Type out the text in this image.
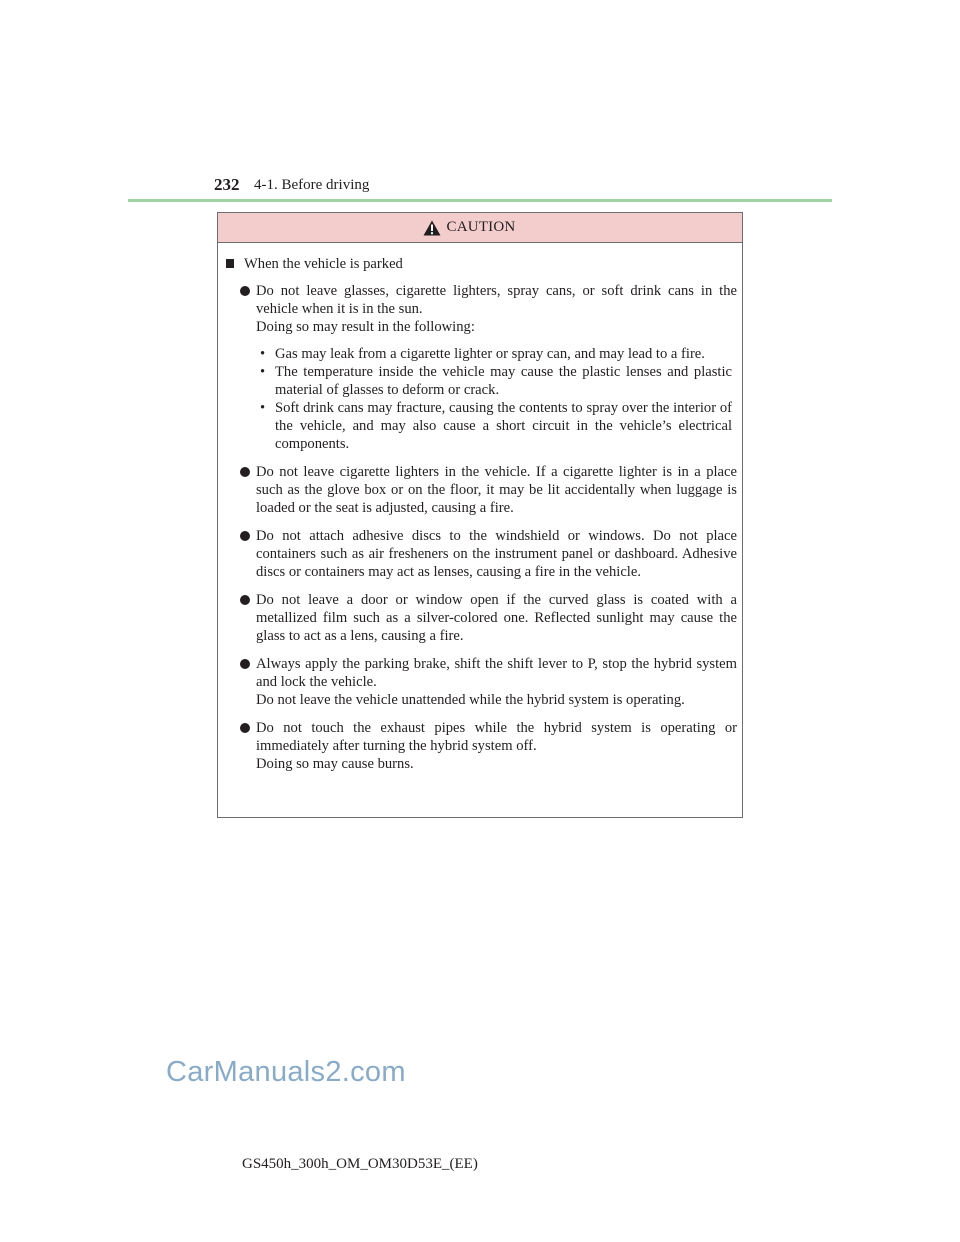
232 4-1. Before driving
CAUTION
When the vehicle is parked

Do not leave glasses, cigarette lighters, spray cans, or soft drink cans in the vehicle when it is in the sun.

Doing so may result in the following:

• Gas may leak from a cigarette lighter or spray can, and may lead to a fire.
• The temperature inside the vehicle may cause the plastic lenses and plastic material of glasses to deform or crack.
• Soft drink cans may fracture, causing the contents to spray over the interior of the vehicle, and may also cause a short circuit in the vehicle’s electrical components.

Do not leave cigarette lighters in the vehicle. If a cigarette lighter is in a place such as the glove box or on the floor, it may be lit accidentally when luggage is loaded or the seat is adjusted, causing a fire.

Do not attach adhesive discs to the windshield or windows. Do not place containers such as air fresheners on the instrument panel or dashboard. Adhesive discs or containers may act as lenses, causing a fire in the vehicle.

Do not leave a door or window open if the curved glass is coated with a metallized film such as a silver-colored one. Reflected sunlight may cause the glass to act as a lens, causing a fire.

Always apply the parking brake, shift the shift lever to P, stop the hybrid system and lock the vehicle.

Do not leave the vehicle unattended while the hybrid system is operating.

Do not touch the exhaust pipes while the hybrid system is operating or immediately after turning the hybrid system off.

Doing so may cause burns.

CarManuals2.com
GS450h_300h_OM_OM30D53E_(EE)
